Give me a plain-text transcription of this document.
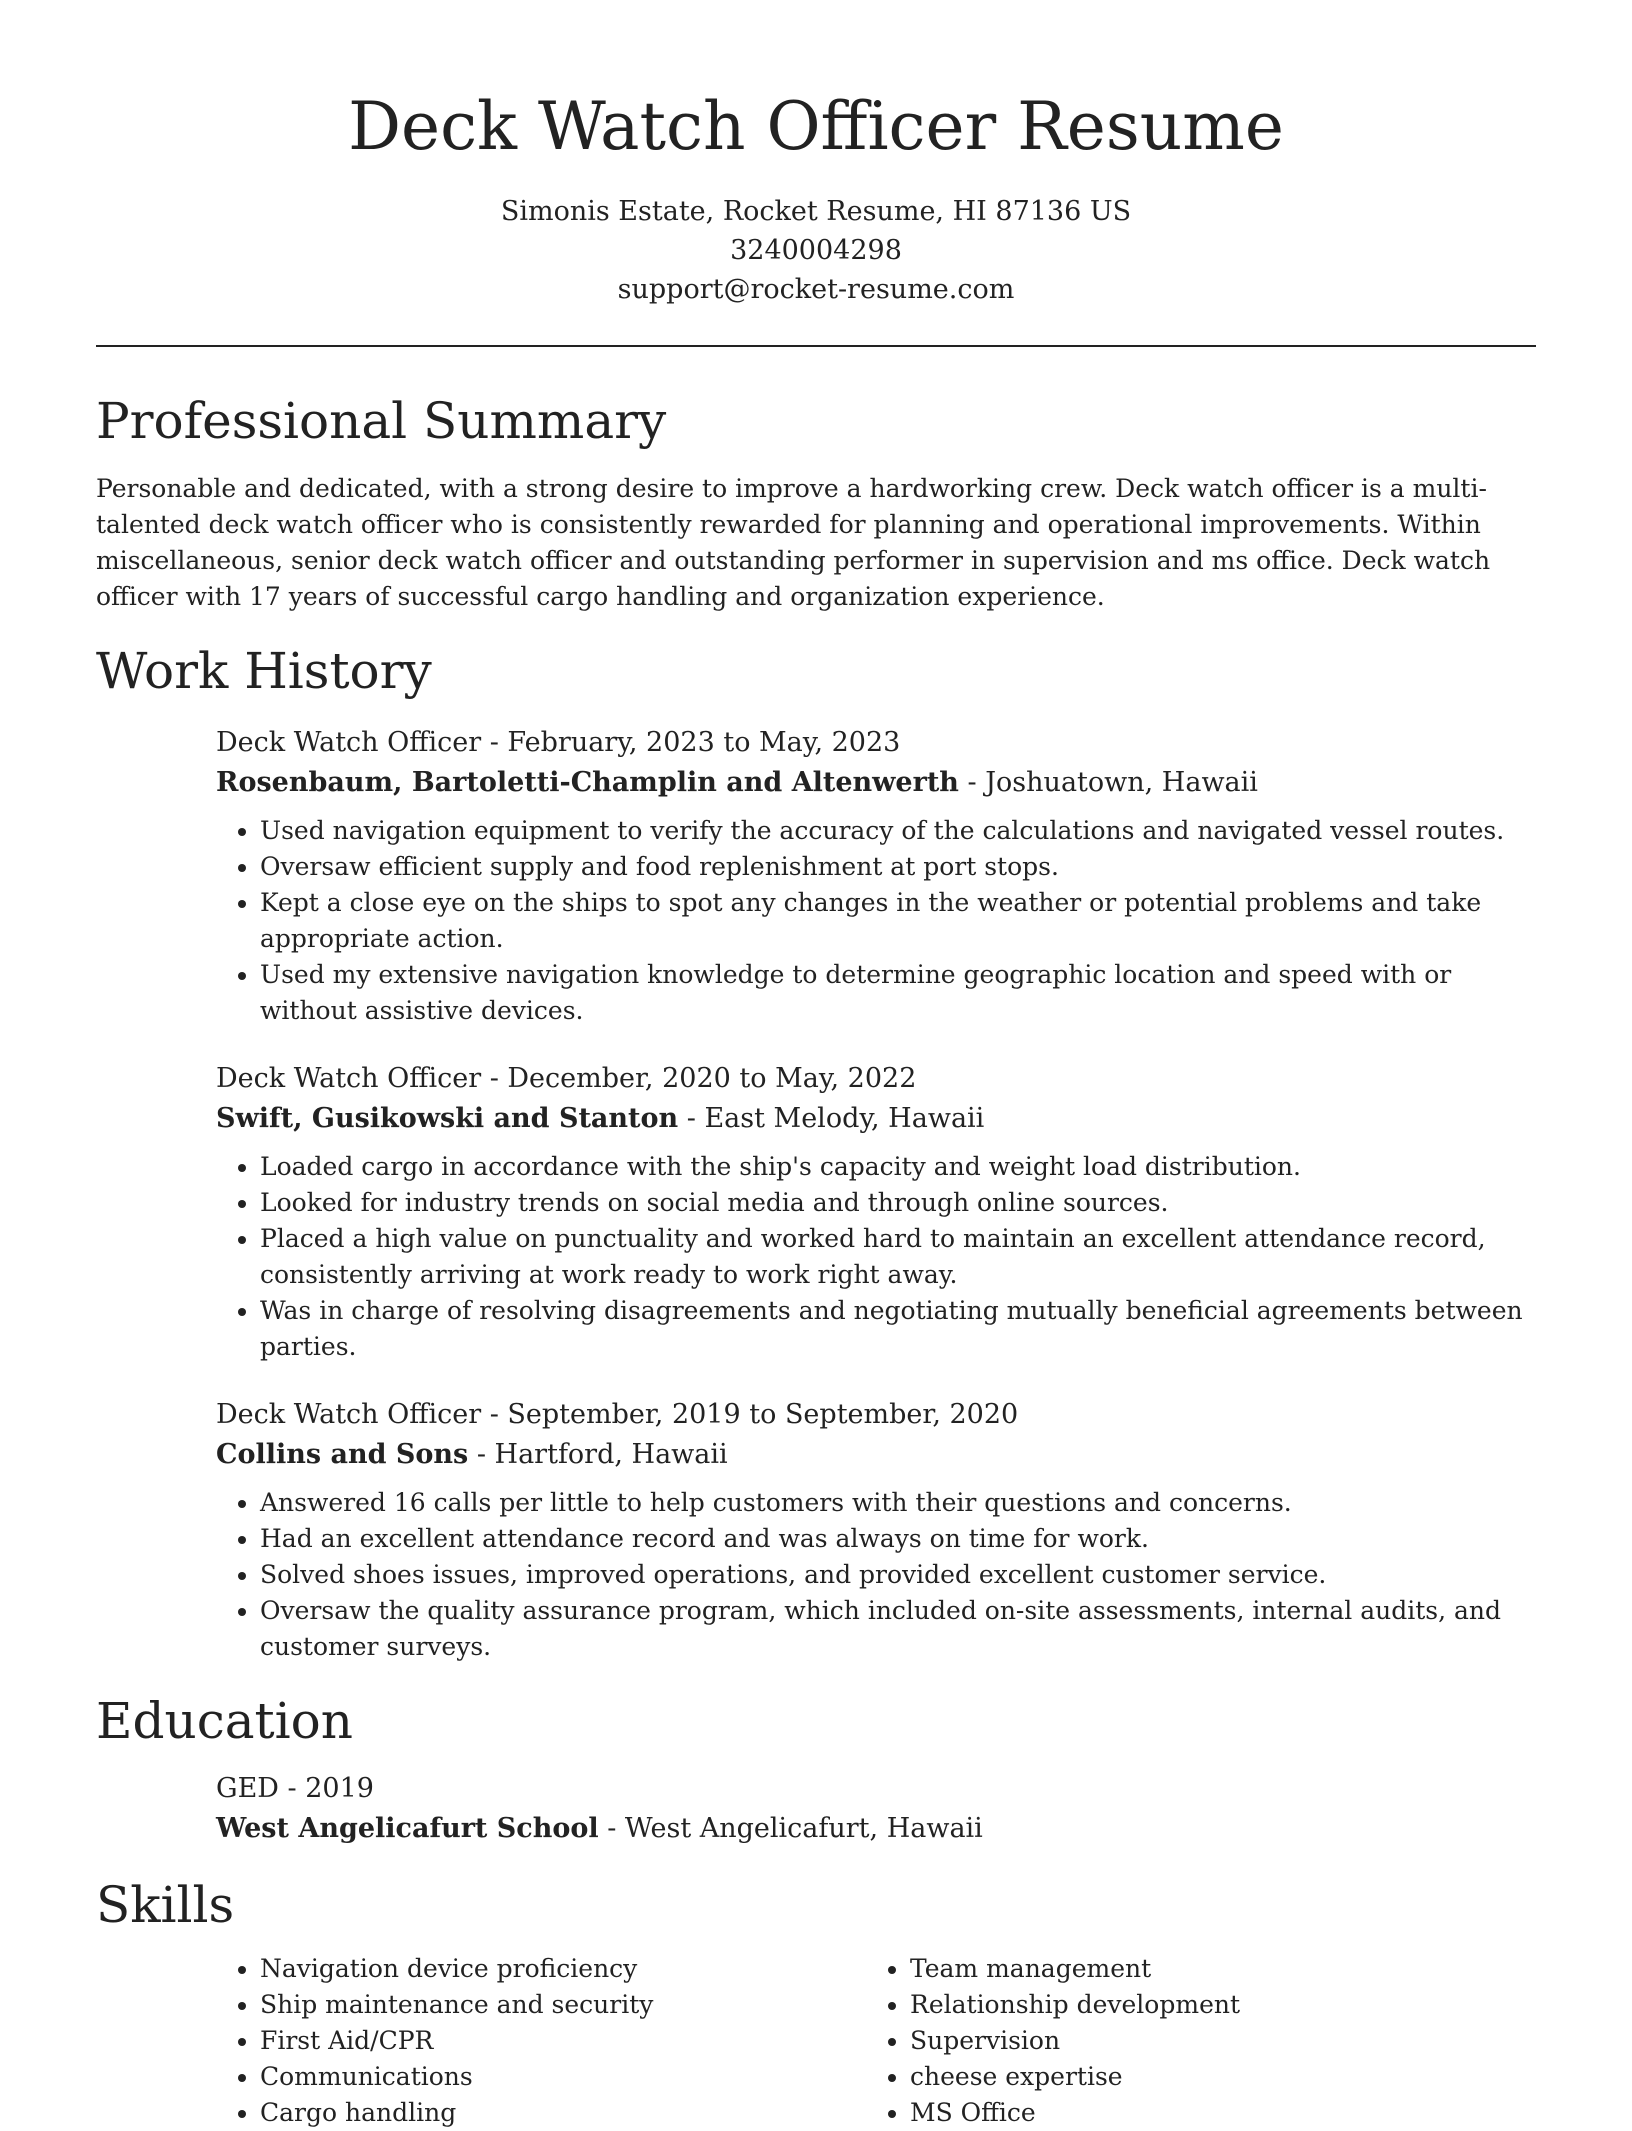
Deck Watch Officer Resume
Simonis Estate, Rocket Resume, HI 87136 US
3240004298
support@rocket-resume.com
Professional Summary

Personable and dedicated, with a strong desire to improve a hardworking crew. Deck watch officer is a multi-talented deck watch officer who is consistently rewarded for planning and operational improvements. Within miscellaneous, senior deck watch officer and outstanding performer in supervision and ms office. Deck watch officer with 17 years of successful cargo handling and organization experience.

Work History
Deck Watch Officer - February, 2023 to May, 2023
Rosenbaum, Bartoletti-Champlin and Altenwerth - Joshuatown, Hawaii
• Used navigation equipment to verify the accuracy of the calculations and navigated vessel routes.
• Oversaw efficient supply and food replenishment at port stops.
• Kept a close eye on the ships to spot any changes in the weather or potential problems and take appropriate action.
• Used my extensive navigation knowledge to determine geographic location and speed with or without assistive devices.
Deck Watch Officer - December, 2020 to May, 2022
Swift, Gusikowski and Stanton - East Melody, Hawaii
• Loaded cargo in accordance with the ship's capacity and weight load distribution.
• Looked for industry trends on social media and through online sources.
• Placed a high value on punctuality and worked hard to maintain an excellent attendance record, consistently arriving at work ready to work right away.
• Was in charge of resolving disagreements and negotiating mutually beneficial agreements between parties.
Deck Watch Officer - September, 2019 to September, 2020
Collins and Sons - Hartford, Hawaii
• Answered 16 calls per little to help customers with their questions and concerns.
• Had an excellent attendance record and was always on time for work.
• Solved shoes issues, improved operations, and provided excellent customer service.
• Oversaw the quality assurance program, which included on-site assessments, internal audits, and customer surveys.
Education
GED - 2019
West Angelicafurt School - West Angelicafurt, Hawaii
Skills
• Navigation device proficiency
• Ship maintenance and security
• First Aid/CPR
• Communications
• Cargo handling
• Team management
• Relationship development
• Supervision
• cheese expertise
• MS Office
